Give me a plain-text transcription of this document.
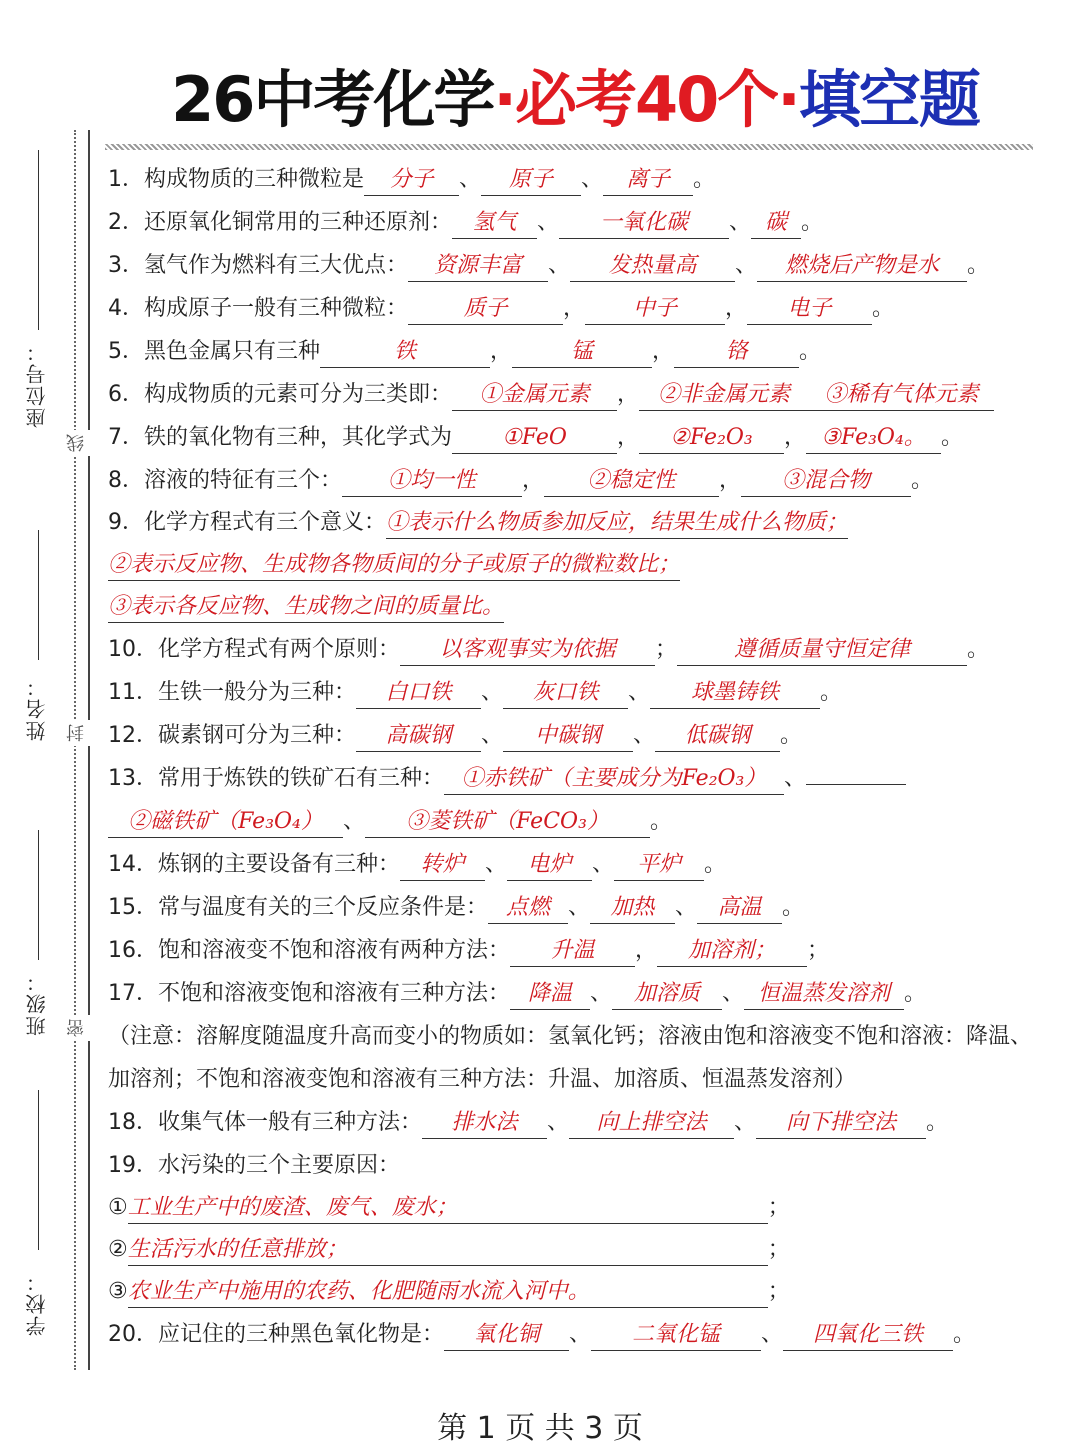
座位号：
姓名：
班级：
学校：
线
封
密
26中考化学·必考40个·填空题
1．构成物质的三种微粒是 分子 、 原子 、 离子 。
2．还原氧化铜常用的三种还原剂： 氢气 、 一氧化碳 、 碳 。
3．氢气作为燃料有三大优点： 资源丰富 、 发热量高 、 燃烧后产物是水 。
4．构成原子一般有三种微粒：	质子	， 中子 ， 电子 。
5．黑色金属只有三种	铁	，	锰	， 铬 。
6．构成物质的元素可分为三类即： ①金属元素 ， ②非金属元素 ③稀有气体元素
7．铁的氧化物有三种，其化学式为 ①FeO ， ②Fe₂O₃ ， ③Fe₃O₄。 。
8．溶液的特征有三个： ①均一性 ， ②稳定性 ， ③混合物 。
9．化学方程式有三个意义：①表示什么物质参加反应，结果生成什么物质；
②表示反应物、生成物各物质间的分子或原子的微粒数比；
③表示各反应物、生成物之间的质量比。
10．化学方程式有两个原则： 以客观事实为依据 ；	遵循质量守恒定律	。
11．生铁一般分为三种： 白口铁 、 灰口铁 、 球墨铸铁 。
12．碳素钢可分为三种： 高碳钢 、 中碳钢 、 低碳钢 。
13．常用于炼铁的铁矿石有三种： ①赤铁矿（主要成分为Fe₂O₃） 、
②磁铁矿（Fe₃O₄） 、 ③菱铁矿（FeCO₃） 。
14．炼钢的主要设备有三种： 转炉 、 电炉 、 平炉 。
15．常与温度有关的三个反应条件是： 点燃 、 加热 、 高温 。
16．饱和溶液变不饱和溶液有两种方法： 升温 ， 加溶剂； ；
17．不饱和溶液变饱和溶液有三种方法： 降温 、 加溶质 、 恒温蒸发溶剂 。
（注意：溶解度随温度升高而变小的物质如：氢氧化钙；溶液由饱和溶液变不饱和溶液：降温、加溶剂；不饱和溶液变饱和溶液有三种方法：升温、加溶质、恒温蒸发溶剂）
18．收集气体一般有三种方法： 排水法 、 向上排空法 、 向下排空法 。
19．水污染的三个主要原因：
①工业生产中的废渣、废气、废水；	；
②生活污水的任意排放；	；
③农业生产中施用的农药、化肥随雨水流入河中。	；
20．应记住的三种黑色氧化物是： 氧化铜 、 二氧化锰 、 四氧化三铁 。
第 1 页 共 3 页
